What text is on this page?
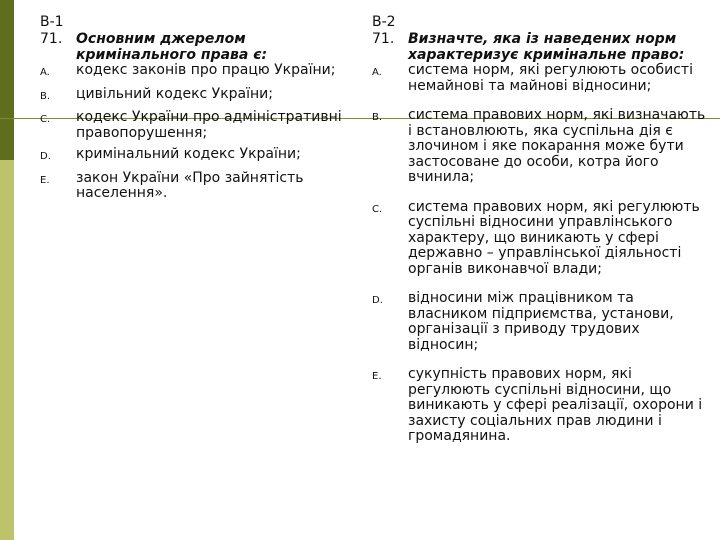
В-1

71. Основним джерелом кримінального права є:
A.	кодекс законів про працю України;
B.	цивільний кодекс України;
C.	кодекс України про адміністративні правопорушення;
D.	кримінальний кодекс України;
E.	закон України «Про зайнятість населення».

В-2

71. Визначте, яка із наведених норм характеризує кримінальне право:
A.	система норм, які регулюють особисті немайнові та майнові відносини;
B.	система правових норм, які визначають і встановлюють, яка суспільна дія є злочином і яке покарання може бути застосоване до особи, котра його вчинила;
C.	система правових норм, які регулюють суспільні відносини управлінського характеру, що виникають у сфері державно – управлінської діяльності органів виконавчої влади;
D.	відносини між працівником та власником підприємства, установи, організації з приводу трудових відносин;
E.	сукупність правових норм, які регулюють суспільні відносини, що виникають у сфері реалізації, охорони і захисту соціальних прав людини і громадянина.
